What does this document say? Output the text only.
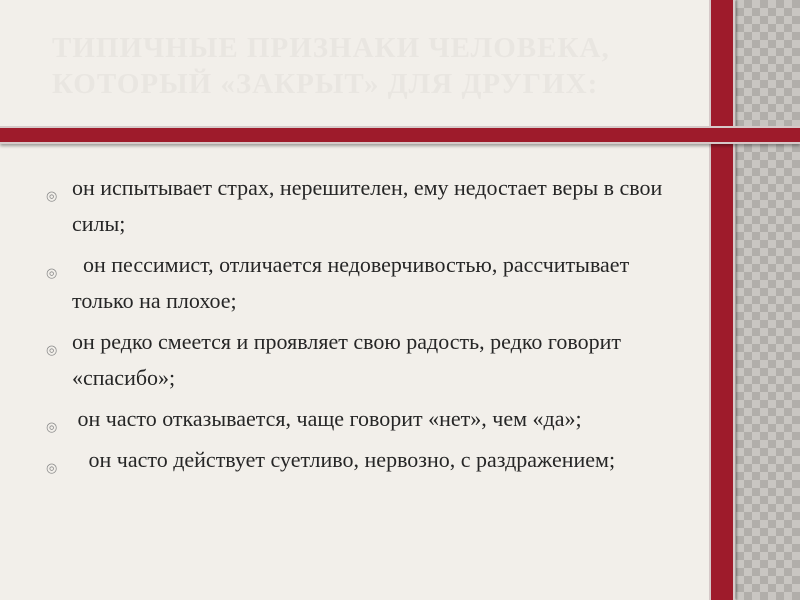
ТИПИЧНЫЕ ПРИЗНАКИ ЧЕЛОВЕКА,
КОТОРЫЙ «ЗАКРЫТ» ДЛЯ ДРУГИХ:
◎ он испытывает страх, нерешителен, ему недостает веры в свои силы;
◎ он пессимист, отличается недоверчивостью, рассчитывает только на плохое;
◎ он редко смеется и проявляет свою радость, редко говорит «спасибо»;
◎ он часто отказывается, чаще говорит «нет», чем «да»;
◎ он часто действует суетливо, нервозно, с раздражением;
